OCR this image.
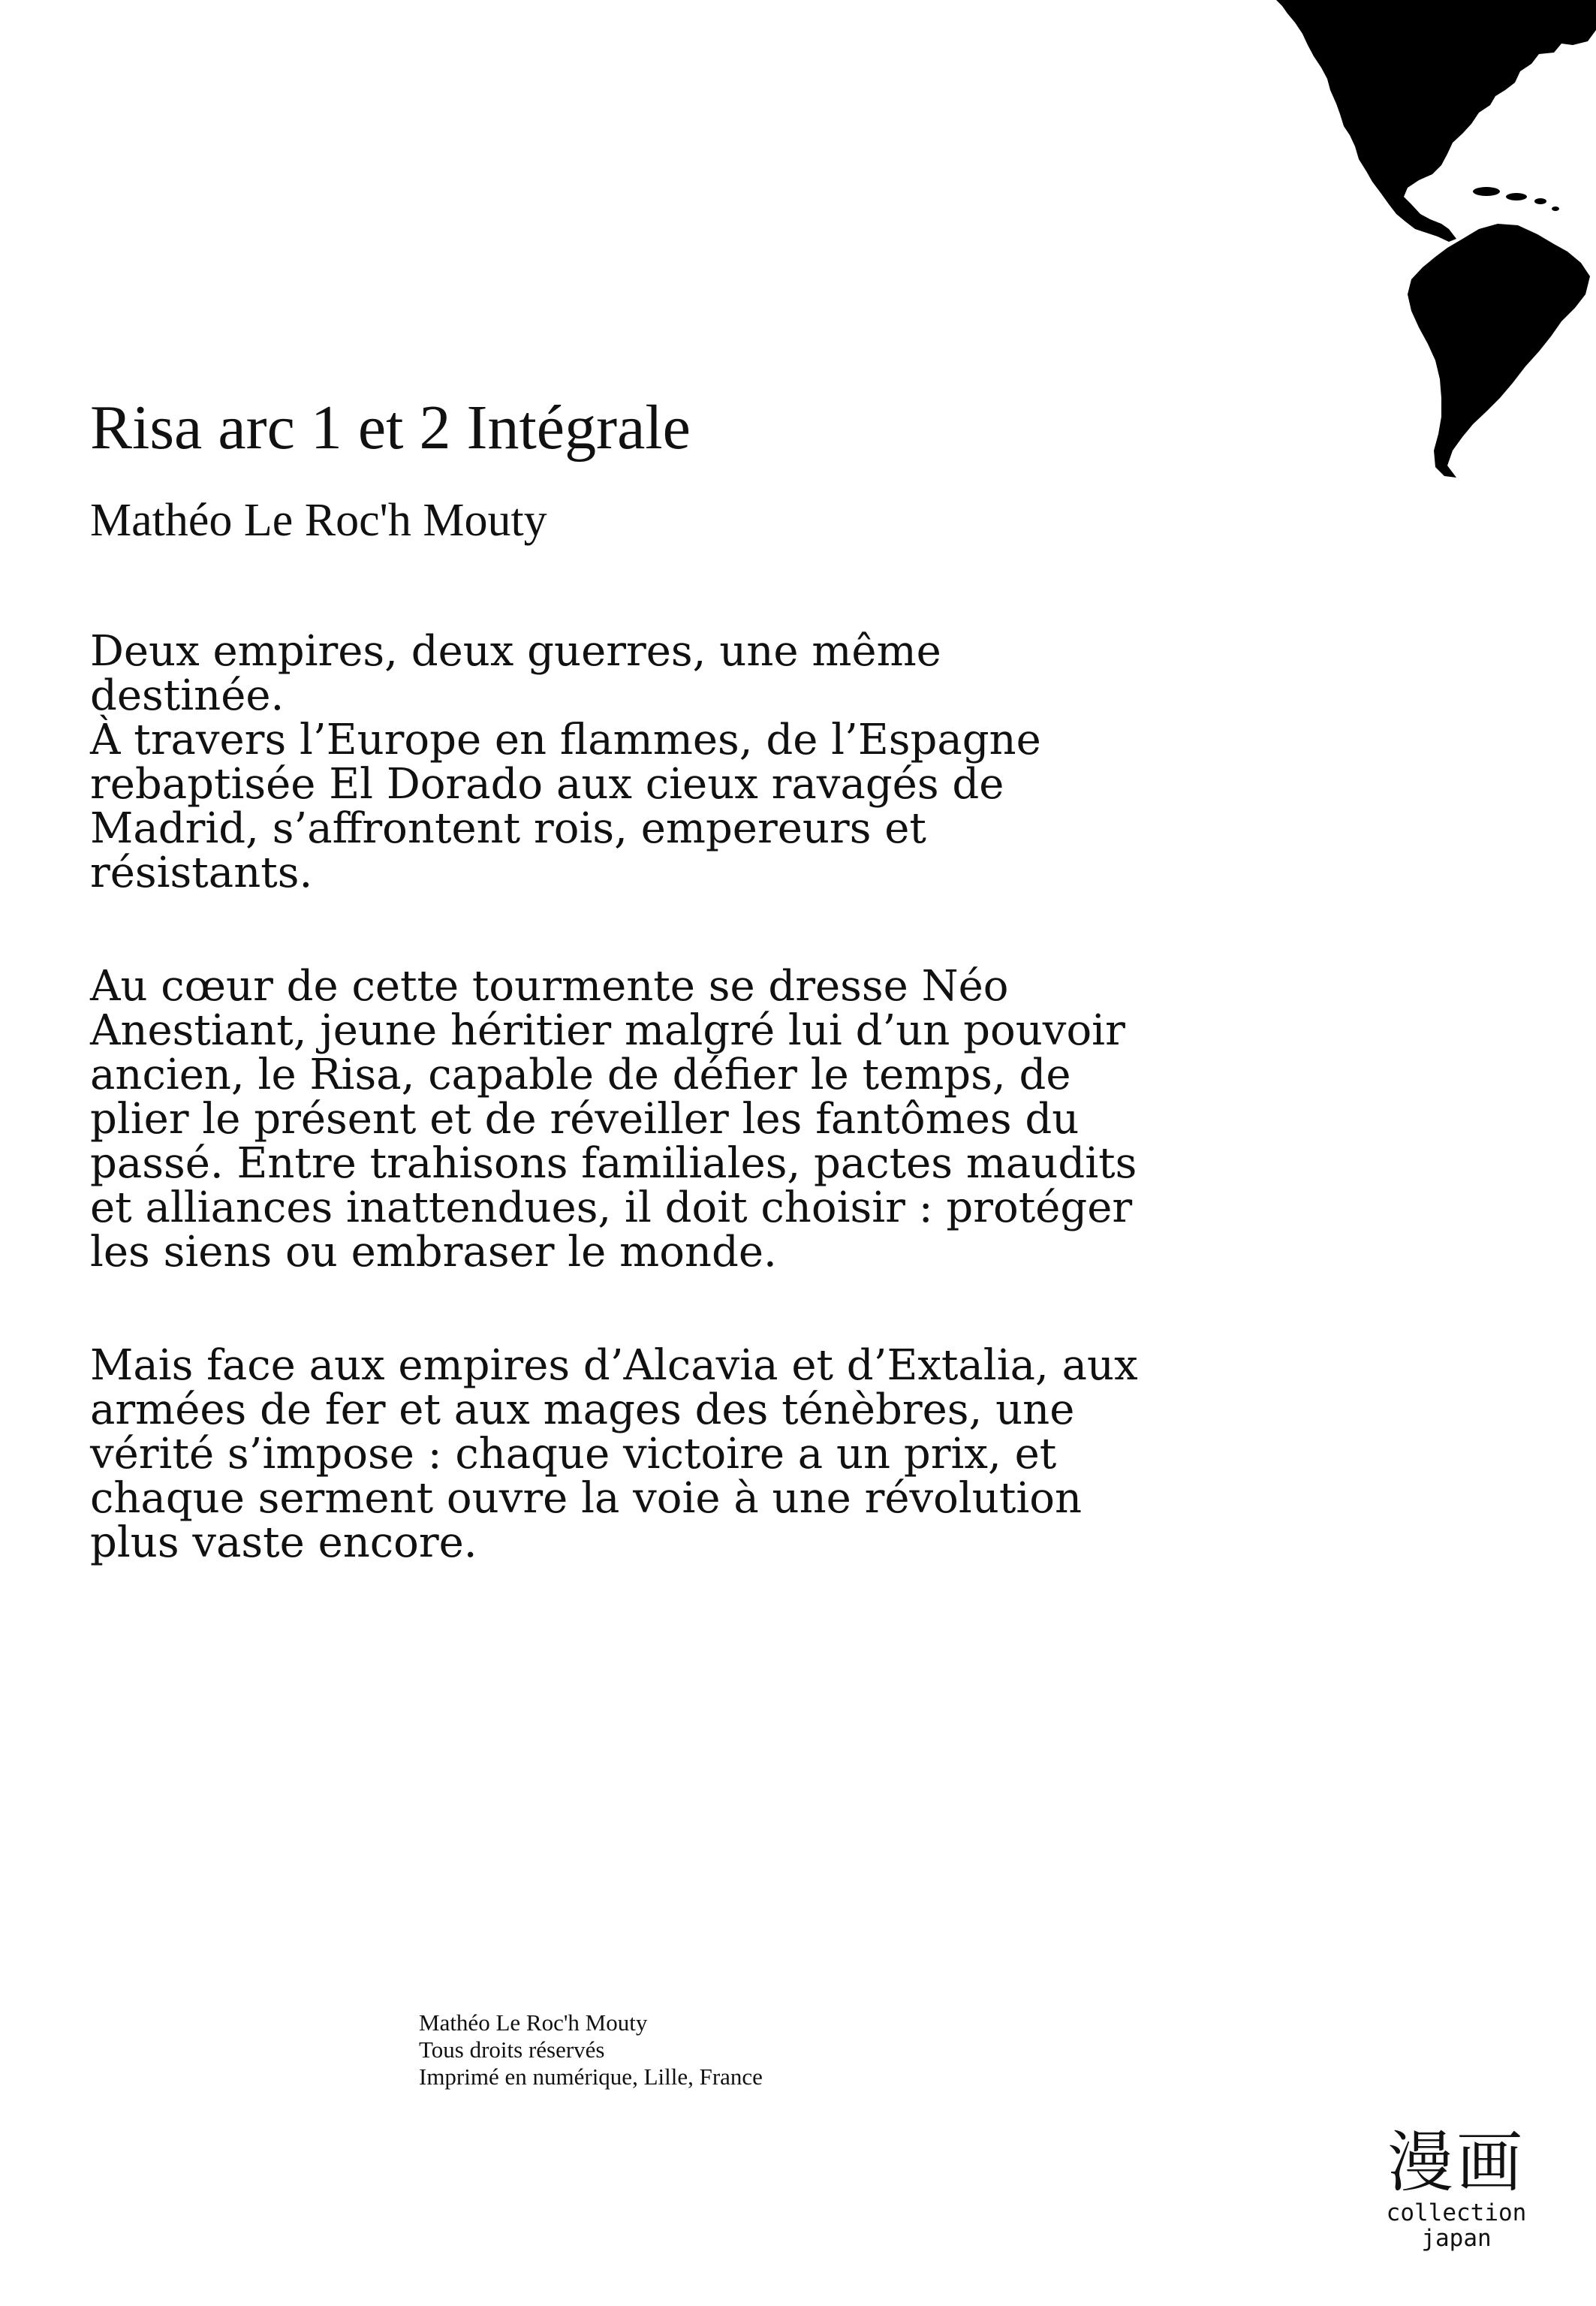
Risa arc 1 et 2 Intégrale
Mathéo Le Roc'h Mouty

Deux empires, deux guerres, une même
destinée.
À travers l’Europe en flammes, de l’Espagne
rebaptisée El Dorado aux cieux ravagés de
Madrid, s’affrontent rois, empereurs et
résistants.

Au cœur de cette tourmente se dresse Néo
Anestiant, jeune héritier malgré lui d’un pouvoir
ancien, le Risa, capable de défier le temps, de
plier le présent et de réveiller les fantômes du
passé. Entre trahisons familiales, pactes maudits
et alliances inattendues, il doit choisir : protéger
les siens ou embraser le monde.

Mais face aux empires d’Alcavia et d’Extalia, aux
armées de fer et aux mages des ténèbres, une
vérité s’impose : chaque victoire a un prix, et
chaque serment ouvre la voie à une révolution
plus vaste encore.

Mathéo Le Roc'h Mouty
Tous droits réservés
Imprimé en numérique, Lille, France
漫画
collection
japan
